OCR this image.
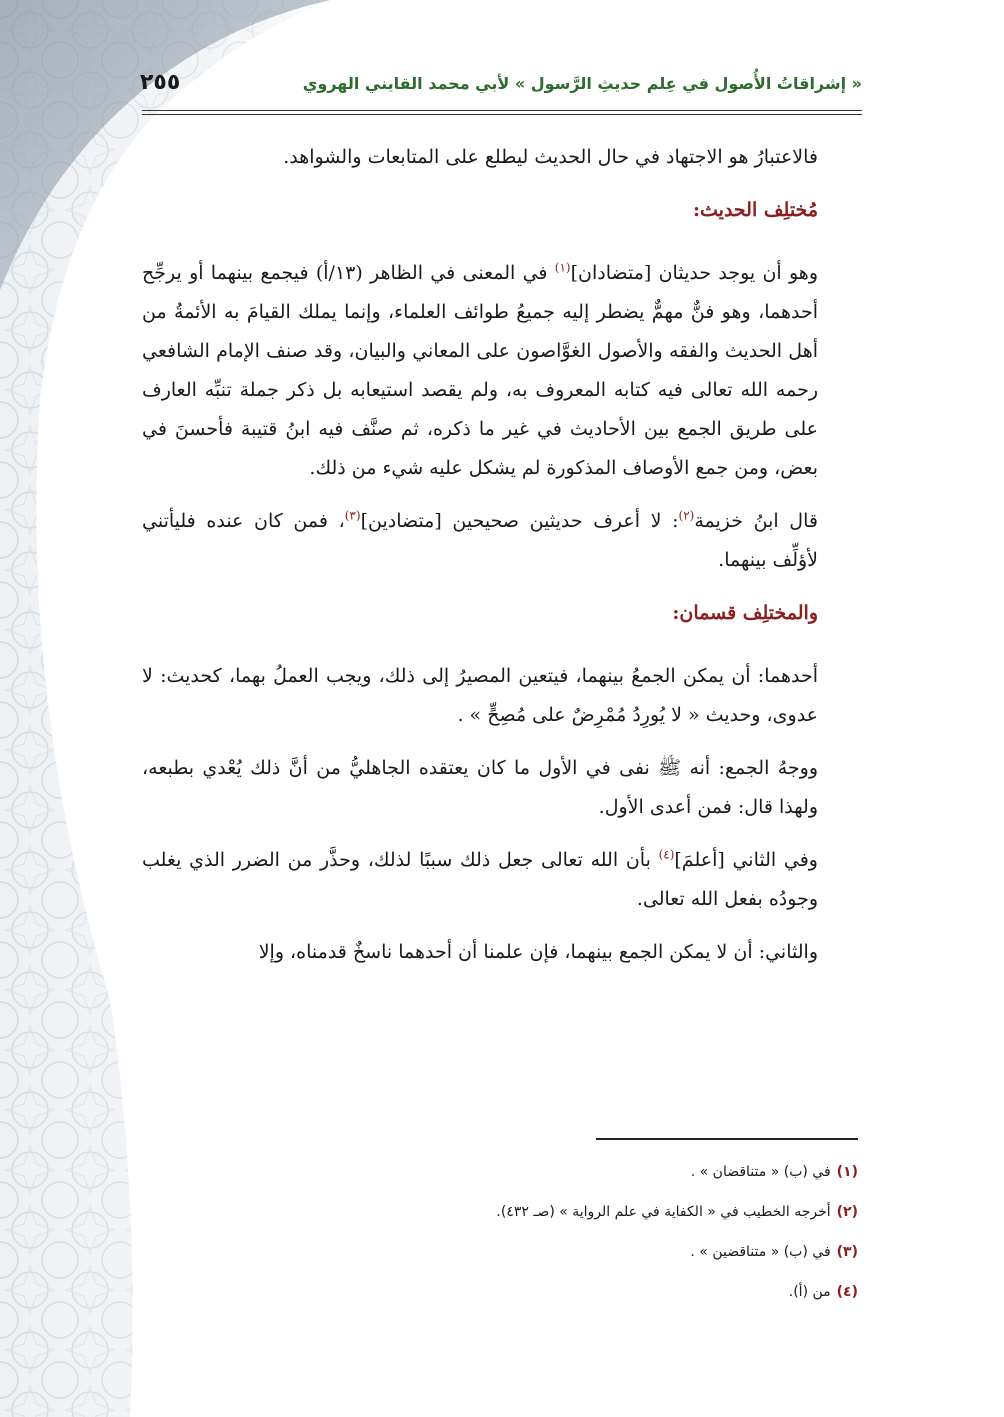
٢٥٥	« إشراقاتُ الأُصول في عِلم حديثِ الرَّسول » لأبي محمد القايني الهروي

فالاعتبارُ هو الاجتهاد في حال الحديث ليطلع على المتابعات والشواهد.

مُختلِف الحديث:

وهو أن يوجد حديثان [متضادان]$^{(١)}$ في المعنى في الظاهر (١٣/أ) فيجمع بينهما أو يرجِّح أحدهما، وهو فنٌّ مهمٌّ يضطر إليه جميعُ طوائف العلماء، وإنما يملك القيامَ به الأئمةُ من أهل الحديث والفقه والأصول الغوَّاصون على المعاني والبيان، وقد صنف الإمام الشافعي رحمه الله تعالى فيه كتابه المعروف به، ولم يقصد استيعابه بل ذكر جملة تنبِّه العارف على طريق الجمع بين الأحاديث في غير ما ذكره، ثم صنَّف فيه ابنُ قتيبة فأحسنَ في بعض، ومن جمع الأوصاف المذكورة لم يشكل عليه شيء من ذلك.

قال ابنُ خزيمة$^{(٢)}$: لا أعرف حديثين صحيحين [متضادين]$^{(٣)}$، فمن كان عنده فليأتني لأؤلِّف بينهما.

والمختلِف قسمان:

أحدهما: أن يمكن الجمعُ بينهما، فيتعين المصيرُ إلى ذلك، ويجب العملُ بهما، كحديث: لا عدوى، وحديث « لا يُورِدُ مُمْرِضٌ على مُصِحٍّ » .

ووجهُ الجمع: أنه ﷺ نفى في الأول ما كان يعتقده الجاهليُّ من أنَّ ذلك يُعْدي بطبعه، ولهذا قال: فمن أعدى الأول.

وفي الثاني [أعلمَ]$^{(٤)}$ بأن الله تعالى جعل ذلك سببًا لذلك، وحذَّر من الضرر الذي يغلب وجودُه بفعل الله تعالى.

والثاني: أن لا يمكن الجمع بينهما، فإن علمنا أن أحدهما ناسخٌ قدمناه، وإلا

(١)
في (ب) « متناقضان » .
(٢)
أخرجه الخطيب في « الكفاية في علم الرواية » (صـ ٤٣٢).
(٣)
في (ب) « متناقضين » .
(٤)
من (أ).
